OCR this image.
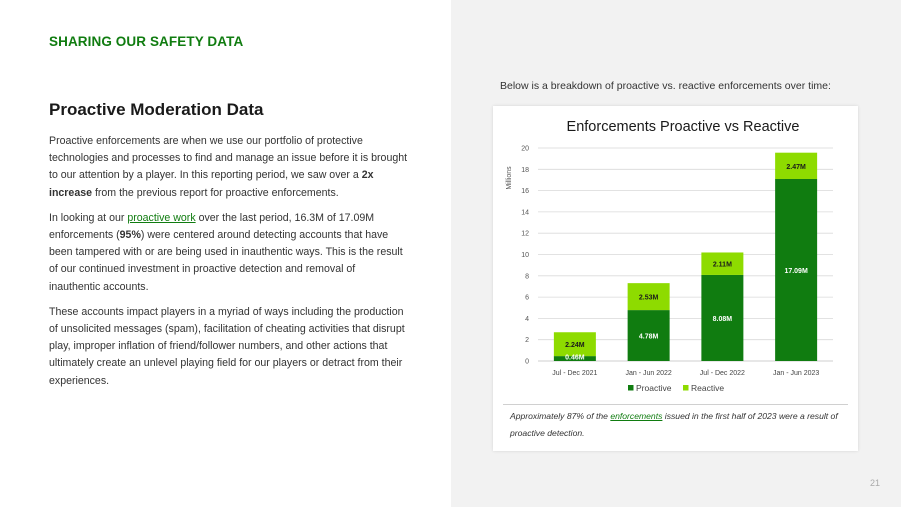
SHARING OUR SAFETY DATA
Proactive Moderation Data

Proactive enforcements are when we use our portfolio of protective technologies and processes to find and manage an issue before it is brought to our attention by a player. In this reporting period, we saw over a 2x increase from the previous report for proactive enforcements.

In looking at our proactive work over the last period, 16.3M of 17.09M enforcements (95%) were centered around detecting accounts that have been tampered with or are being used in inauthentic ways. This is the result of our continued investment in proactive detection and removal of inauthentic accounts.

These accounts impact players in a myriad of ways including the production of unsolicited messages (spam), facilitation of cheating activities that disrupt play, improper inflation of friend/follower numbers, and other actions that ultimately create an unlevel playing field for our players or detract from their experiences.

Below is a breakdown of proactive vs. reactive enforcements over time:
Enforcements Proactive vs Reactive
Millions
0
2
4
6
8
10
12
14
16
18
20
0.46M
2.24M
4.78M
2.53M
8.08M
2.11M
17.09M
2.47M
Jul - Dec 2021	Jan - Jun 2022	Jul - Dec 2022	Jan - Jun 2023
Proactive Reactive
Approximately 87% of the enforcements issued in the first half of 2023 were a result of proactive detection.
21
